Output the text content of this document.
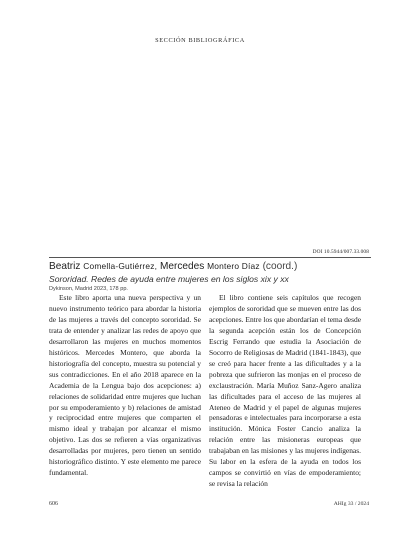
SECCIÓN BIBLIOGRÁFICA
DOI 10.5944/007.33.008
Beatriz Comella-Gutiérrez, Mercedes Montero Díaz (coord.)
Sororidad. Redes de ayuda entre mujeres en los siglos xix y xx
Dykinson, Madrid 2023, 178 pp.

Este libro aporta una nueva perspectiva y un nuevo instrumento teórico para abordar la historia de las mujeres a través del concepto sororidad. Se trata de entender y analizar las redes de apoyo que desarrollaron las mujeres en muchos momentos históricos. Mercedes Montero, que aborda la historiografía del concepto, muestra su potencial y sus contradicciones. En el año 2018 aparece en la Academia de la Lengua bajo dos acepciones: a) relaciones de solidaridad entre mujeres que luchan por su empoderamiento y b) relaciones de amistad y reciprocidad entre mujeres que comparten el mismo ideal y trabajan por alcanzar el mismo objetivo. Las dos se refieren a vías organizativas desarrolladas por mujeres, pero tienen un sentido historiográfico distinto. Y este elemento me parece fundamental.

El libro contiene seis capítulos que recogen ejemplos de sororidad que se mueven entre las dos acepciones. Entre los que abordarían el tema desde la segunda acepción están los de Concepción Escrig Ferrando que estudia la Asociación de Socorro de Religiosas de Madrid (1841-1843), que se creó para hacer frente a las dificultades y a la pobreza que sufrieron las monjas en el proceso de exclaustración. María Muñoz Sanz-Agero analiza las dificultades para el acceso de las mujeres al Ateneo de Madrid y el papel de algunas mujeres pensadoras e intelectuales para incorporarse a esta institución. Mónica Foster Cancio analiza la relación entre las misioneras europeas que trabajaban en las misiones y las mujeres indígenas. Su labor en la esfera de la ayuda en todos los campos se convirtió en vías de empoderamiento; se revisa la relación

606	AHIg 33 / 2024
